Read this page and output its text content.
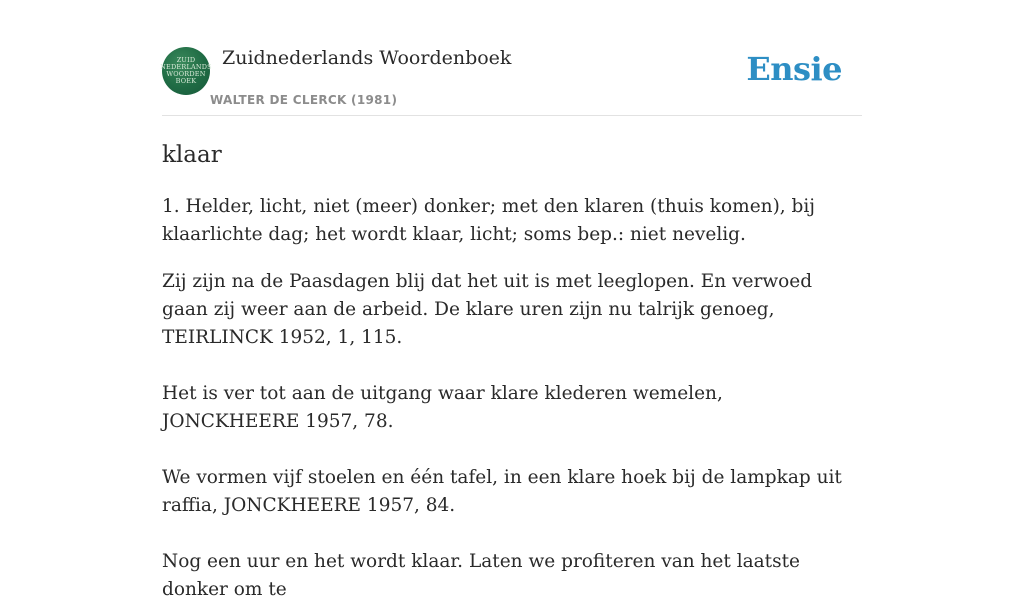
ZUID
NEDERLANDS
WOORDEN
BOEK
Zuidnederlands Woordenboek
WALTER DE CLERCK (1981)
Ensie
klaar

1. Helder, licht, niet (meer) donker; met den klaren (thuis komen), bij klaarlichte dag; het wordt klaar, licht; soms bep.: niet nevelig.

Zij zijn na de Paasdagen blij dat het uit is met leeglopen. En verwoed gaan zij weer aan de arbeid. De klare uren zijn nu talrijk genoeg, TEIRLINCK 1952, 1, 115.

Het is ver tot aan de uitgang waar klare klederen wemelen, JONCKHEERE 1957, 78.

We vormen vijf stoelen en één tafel, in een klare hoek bij de lampkap uit raffia, JONCKHEERE 1957, 84.

Nog een uur en het wordt klaar. Laten we profiteren van het laatste donker om te
